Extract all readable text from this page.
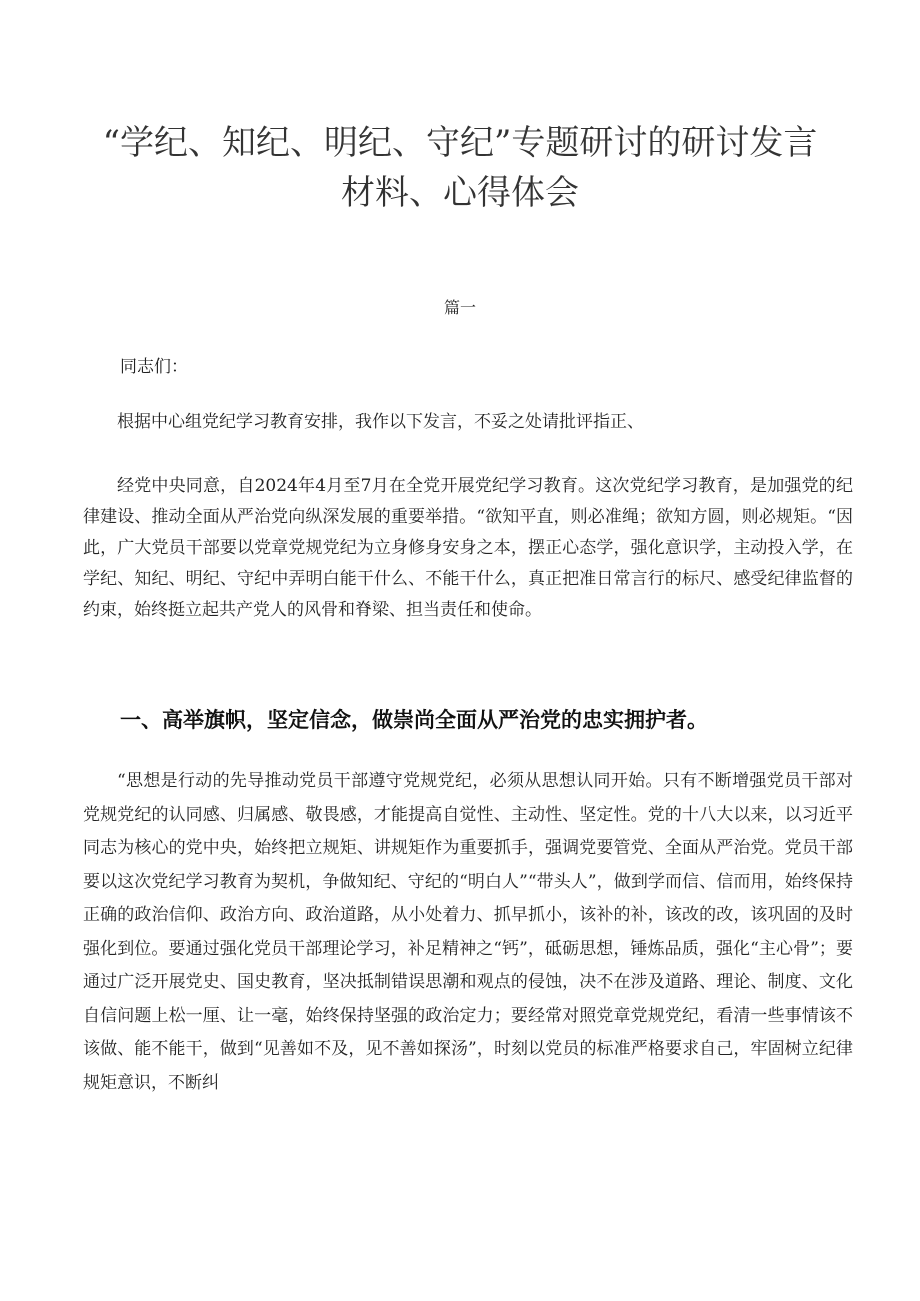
“学纪、知纪、明纪、守纪”专题研讨的研讨发言
材料、心得体会
篇一

同志们：

根据中心组党纪学习教育安排，我作以下发言，不妥之处请批评指正、

经党中央同意，自2024年4月至7月在全党开展党纪学习教育。这次党纪学习教育，是加强党的纪律建设、推动全面从严治党向纵深发展的重要举措。“欲知平直，则必准绳；欲知方圆，则必规矩。“因此，广大党员干部要以党章党规党纪为立身修身安身之本，摆正心态学，强化意识学，主动投入学，在学纪、知纪、明纪、守纪中弄明白能干什么、不能干什么，真正把准日常言行的标尺、感受纪律监督的约束，始终挺立起共产党人的风骨和脊梁、担当责任和使命。

一、高举旗帜，坚定信念，做崇尚全面从严治党的忠实拥护者。

“思想是行动的先导推动党员干部遵守党规党纪，必须从思想认同开始。只有不断增强党员干部对党规党纪的认同感、归属感、敬畏感，才能提高自觉性、主动性、坚定性。党的十八大以来，以习近平同志为核心的党中央，始终把立规矩、讲规矩作为重要抓手，强调党要管党、全面从严治党。党员干部要以这次党纪学习教育为契机，争做知纪、守纪的“明白人”“带头人”，做到学而信、信而用，始终保持正确的政治信仰、政治方向、政治道路，从小处着力、抓早抓小，该补的补，该改的改，该巩固的及时强化到位。要通过强化党员干部理论学习，补足精神之“钙”，砥砺思想，锤炼品质，强化“主心骨”；要通过广泛开展党史、国史教育，坚决抵制错误思潮和观点的侵蚀，决不在涉及道路、理论、制度、文化自信问题上松一厘、让一毫，始终保持坚强的政治定力；要经常对照党章党规党纪，看清一些事情该不该做、能不能干，做到“见善如不及，见不善如探汤”，时刻以党员的标准严格要求自己，牢固树立纪律规矩意识，不断纠
